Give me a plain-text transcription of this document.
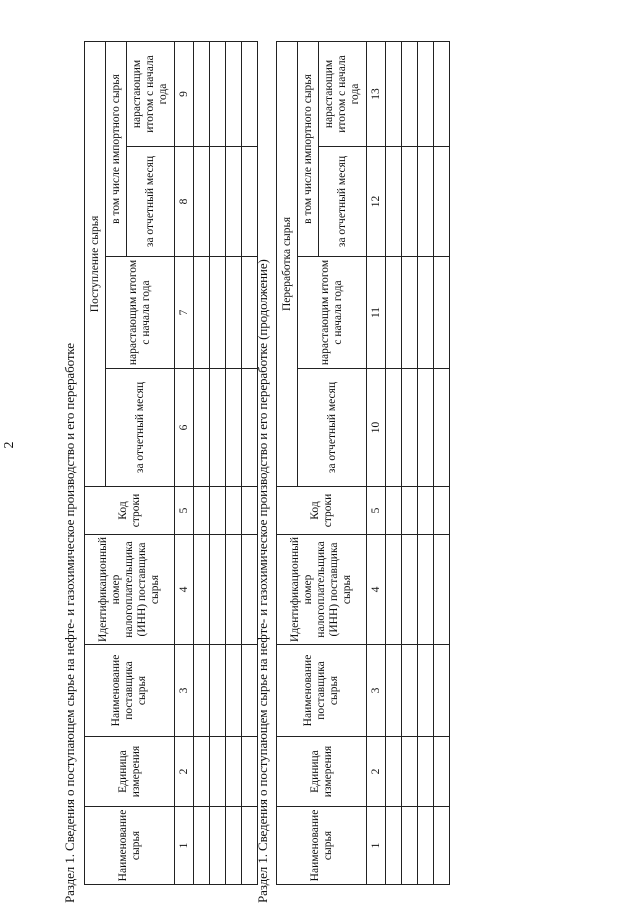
2	Раздел 1. Сведения о поступающем сырье на нефте- и газохимическое производство и его переработке	Наименование сырья	Единица измерения	Наименование поставщика сырья	Идентификационный номер налогоплательщика (ИНН) поставщика сырья	Код строки	Поступление сырья			
					за отчетный месяц	нарастающим итогом с начала года	в том числе импортного сырья	
							за отчетный месяц	нарастающим итогом с начала года
1	2	3	4	5	6	7	8	9

Раздел 1. Сведения о поступающем сырье на нефте- и газохимическое производство и его переработке (продолжение)	Наименование сырья	Единица измерения	Наименование поставщика сырья	Идентификационный номер налогоплательщика (ИНН) поставщика сырья	Код строки	Переработка сырья			
					за отчетный месяц	нарастающим итогом с начала года	в том числе импортного сырья	
							за отчетный месяц	нарастающим итогом с начала года
1	2	3	4	5	10	11	12	13
